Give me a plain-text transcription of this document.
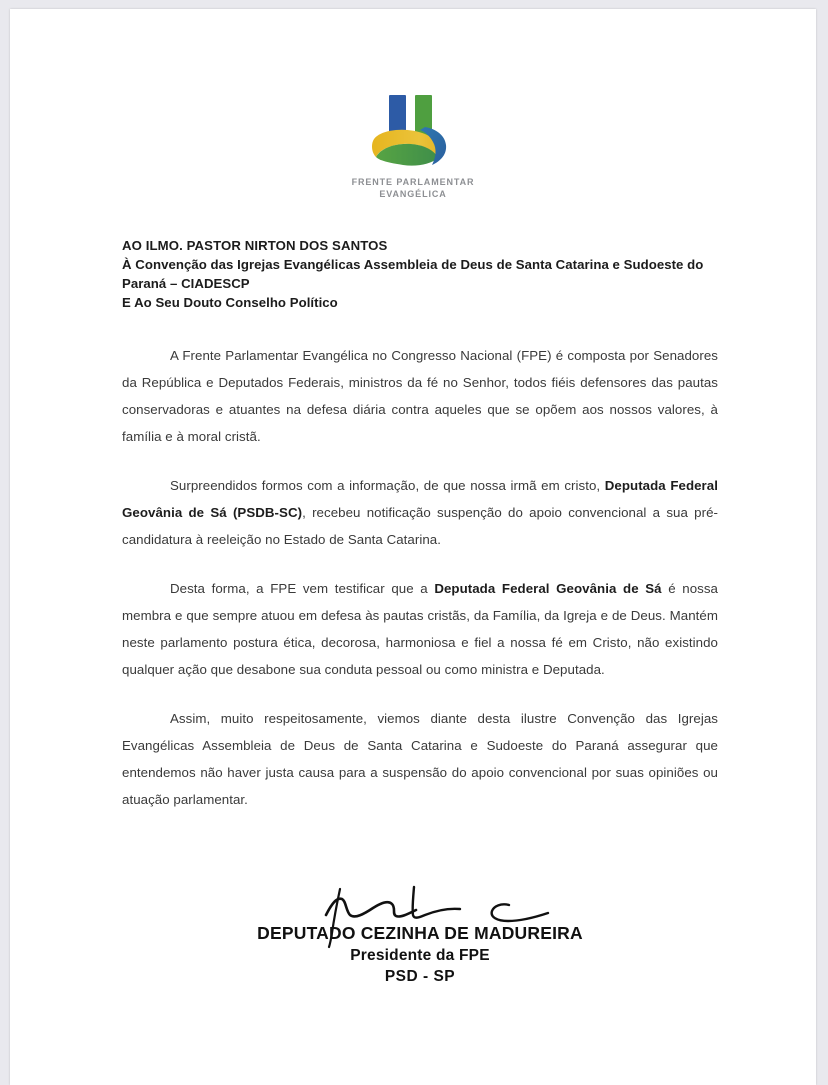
FRENTE PARLAMENTAR
EVANGÉLICA
AO ILMO. PASTOR NIRTON DOS SANTOS
À Convenção das Igrejas Evangélicas Assembleia de Deus de Santa Catarina e Sudoeste do Paraná – CIADESCP
E Ao Seu Douto Conselho Político

A Frente Parlamentar Evangélica no Congresso Nacional (FPE) é composta por Senadores da República e Deputados Federais, ministros da fé no Senhor, todos fiéis defensores das pautas conservadoras e atuantes na defesa diária contra aqueles que se opõem aos nossos valores, à família e à moral cristã.

Surpreendidos formos com a informação, de que nossa irmã em cristo, Deputada Federal Geovânia de Sá (PSDB-SC), recebeu notificação suspenção do apoio convencional a sua pré-candidatura à reeleição no Estado de Santa Catarina.

Desta forma, a FPE vem testificar que a Deputada Federal Geovânia de Sá é nossa membra e que sempre atuou em defesa às pautas cristãs, da Família, da Igreja e de Deus. Mantém neste parlamento postura ética, decorosa, harmoniosa e fiel a nossa fé em Cristo, não existindo qualquer ação que desabone sua conduta pessoal ou como ministra e Deputada.

Assim, muito respeitosamente, viemos diante desta ilustre Convenção das Igrejas Evangélicas Assembleia de Deus de Santa Catarina e Sudoeste do Paraná assegurar que entendemos não haver justa causa para a suspensão do apoio convencional por suas opiniões ou atuação parlamentar.

DEPUTADO CEZINHA DE MADUREIRA
Presidente da FPE
PSD - SP
